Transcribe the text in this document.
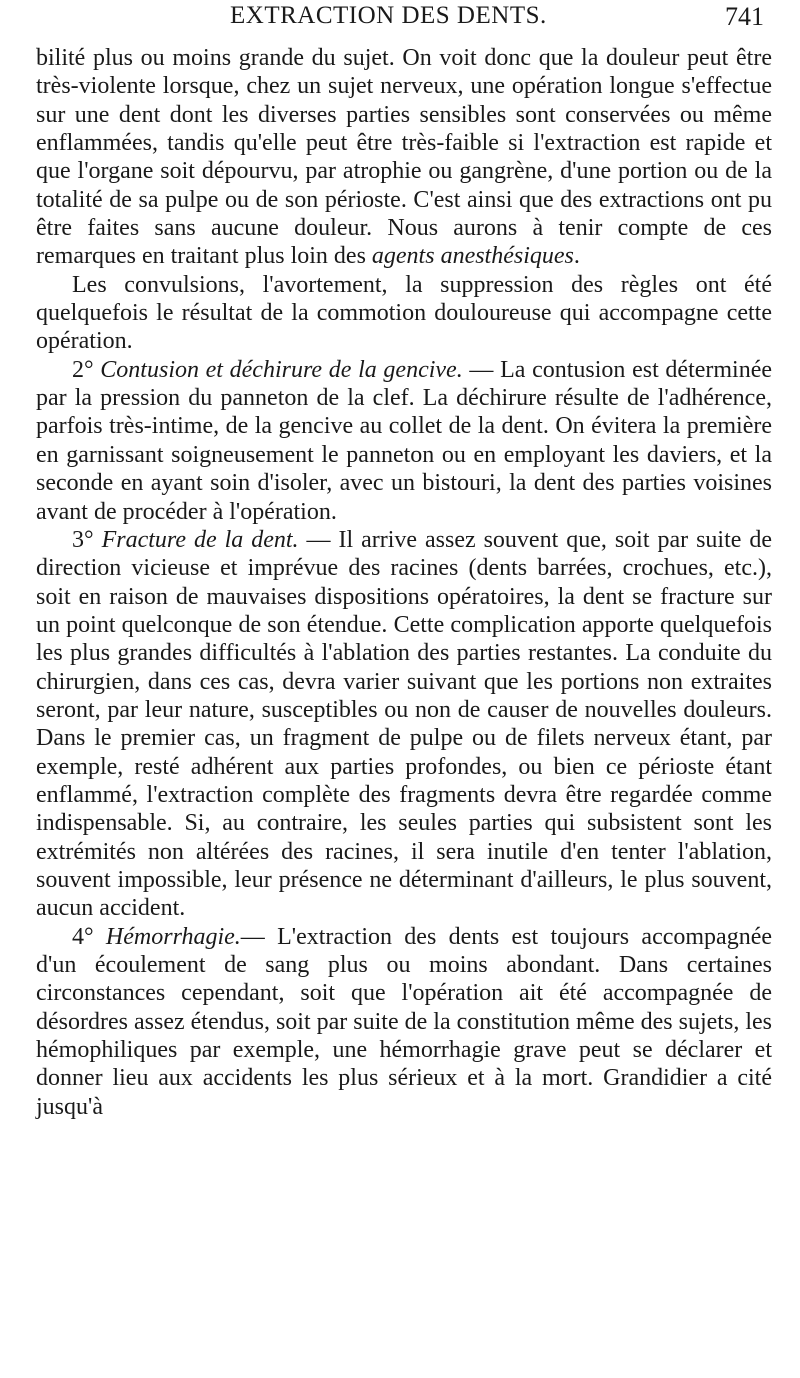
EXTRACTION DES DENTS.	741

bilité plus ou moins grande du sujet. On voit donc que la douleur peut être très-violente lorsque, chez un sujet nerveux, une opération longue s'effectue sur une dent dont les diverses parties sensibles sont conservées ou même enflammées, tandis qu'elle peut être très-faible si l'extraction est rapide et que l'organe soit dépourvu, par atrophie ou gangrène, d'une portion ou de la totalité de sa pulpe ou de son périoste. C'est ainsi que des extractions ont pu être faites sans aucune douleur. Nous aurons à tenir compte de ces remarques en traitant plus loin des agents anesthésiques.

Les convulsions, l'avortement, la suppression des règles ont été quelquefois le résultat de la commotion douloureuse qui accompagne cette opération.

2° Contusion et déchirure de la gencive. — La contusion est déterminée par la pression du panneton de la clef. La déchirure résulte de l'adhérence, parfois très-intime, de la gencive au collet de la dent. On évitera la première en garnissant soigneusement le panneton ou en employant les daviers, et la seconde en ayant soin d'isoler, avec un bistouri, la dent des parties voisines avant de procéder à l'opération.

3° Fracture de la dent. — Il arrive assez souvent que, soit par suite de direction vicieuse et imprévue des racines (dents barrées, crochues, etc.), soit en raison de mauvaises dispositions opératoires, la dent se fracture sur un point quelconque de son étendue. Cette complication apporte quelquefois les plus grandes difficultés à l'ablation des parties restantes. La conduite du chirurgien, dans ces cas, devra varier suivant que les portions non extraites seront, par leur nature, susceptibles ou non de causer de nouvelles douleurs. Dans le premier cas, un fragment de pulpe ou de filets nerveux étant, par exemple, resté adhérent aux parties profondes, ou bien ce périoste étant enflammé, l'extraction complète des fragments devra être regardée comme indispensable. Si, au contraire, les seules parties qui subsistent sont les extrémités non altérées des racines, il sera inutile d'en tenter l'ablation, souvent impossible, leur présence ne déterminant d'ailleurs, le plus souvent, aucun accident.

4° Hémorrhagie.— L'extraction des dents est toujours accompagnée d'un écoulement de sang plus ou moins abondant. Dans certaines circonstances cependant, soit que l'opération ait été accompagnée de désordres assez étendus, soit par suite de la constitution même des sujets, les hémophiliques par exemple, une hémorrhagie grave peut se déclarer et donner lieu aux accidents les plus sérieux et à la mort. Grandidier a cité jusqu'à
